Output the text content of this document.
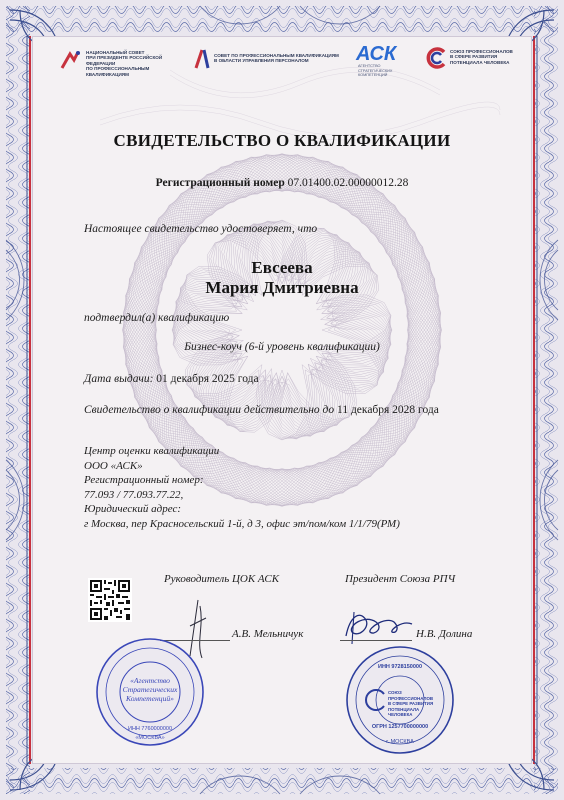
НАЦИОНАЛЬНЫЙ СОВЕТ
ПРИ ПРЕЗИДЕНТЕ РОССИЙСКОЙ ФЕДЕРАЦИИ
ПО ПРОФЕССИОНАЛЬНЫМ КВАЛИФИКАЦИЯМ
СОВЕТ ПО ПРОФЕССИОНАЛЬНЫМ КВАЛИФИКАЦИЯМ
В ОБЛАСТИ УПРАВЛЕНИЯ ПЕРСОНАЛОМ	АСК
АГЕНТСТВО СТРАТЕГИЧЕСКИХ
КОМПЕТЕНЦИЙ
СОЮЗ ПРОФЕССИОНАЛОВ
В СФЕРЕ РАЗВИТИЯ
ПОТЕНЦИАЛА ЧЕЛОВЕКА
СВИДЕТЕЛЬСТВО О КВАЛИФИКАЦИИ
Регистрационный номер 07.01400.02.00000012.28
Настоящее свидетельство удостоверяет, что
Евсеева
Мария Дмитриевна
подтвердил(а) квалификацию
Бизнес-коуч (6-й уровень квалификации)
Дата выдачи: 01 декабря 2025 года
Свидетельство о квалификации действительно до 11 декабря 2028 года
Центр оценки квалификации
ООО «АСК»
Регистрационный номер:
77.093 / 77.093.77.22,
Юридический адрес:
г Москва, пер Красносельский 1-й, д 3, офис эт/пом/ком 1/1/79(РМ)
Руководитель ЦОК АСК	Президент Союза РПЧ
А.В. Мельничук	Н.В. Долина
«Агентство
Стратегических
Компетенций»
ИНН 7760000000
«МОСКВА»
СОЮЗ ПРОФЕССИОНАЛОВ
В СФЕРЕ РАЗВИТИЯ
ПОТЕНЦИАЛА ЧЕЛОВЕКА
ИНН 9728150000
ОГРН 1257700000000
г. МОСКВА
